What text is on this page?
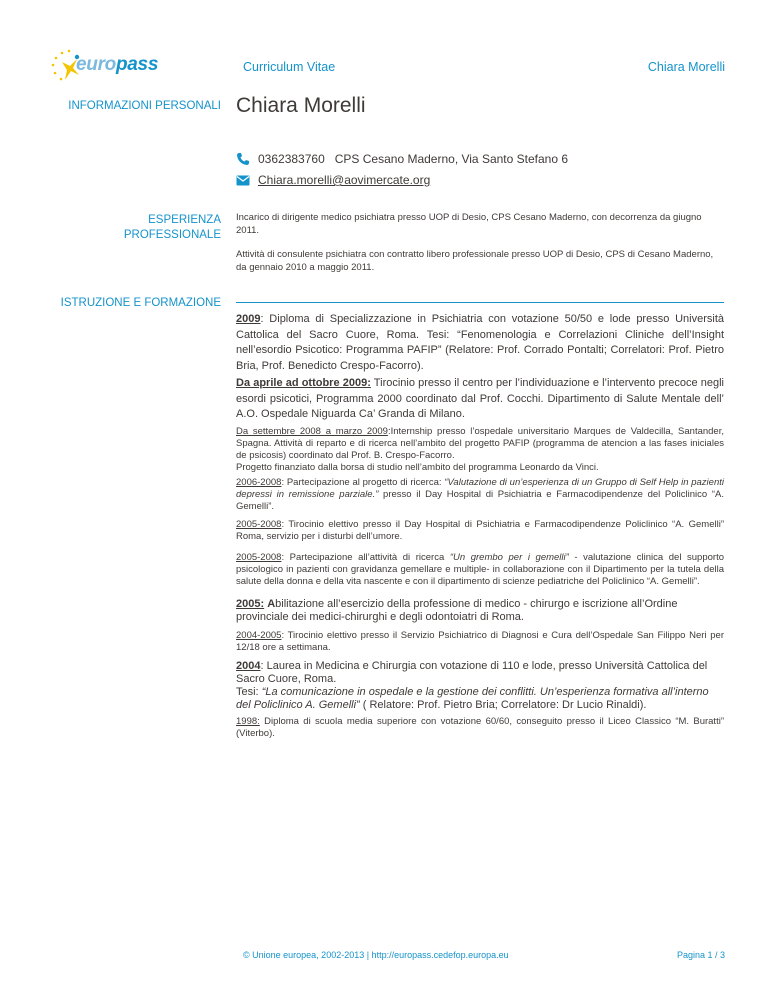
europass	Curriculum Vitae	Chiara Morelli
INFORMAZIONI PERSONALI Chiara Morelli
0362383760 CPS Cesano Maderno, Via Santo Stefano 6
Chiara.morelli@aovimercate.org
ESPERIENZA
PROFESSIONALE
Incarico di dirigente medico psichiatra presso UOP di Desio, CPS Cesano Maderno, con decorrenza da giugno 2011.
Attività di consulente psichiatra con contratto libero professionale presso UOP di Desio, CPS di Cesano Maderno, da gennaio 2010 a maggio 2011.
ISTRUZIONE E FORMAZIONE
2009: Diploma di Specializzazione in Psichiatria con votazione 50/50 e lode presso Università Cattolica del Sacro Cuore, Roma. Tesi: “Fenomenologia e Correlazioni Cliniche dell’Insight nell’esordio Psicotico: Programma PAFIP” (Relatore: Prof. Corrado Pontalti; Correlatori: Prof. Pietro Bria, Prof. Benedicto Crespo-Facorro).
Da aprile ad ottobre 2009: Tirocinio presso il centro per l’individuazione e l’intervento precoce negli esordi psicotici, Programma 2000 coordinato dal Prof. Cocchi. Dipartimento di Salute Mentale dell’ A.O. Ospedale Niguarda Ca’ Granda di Milano.
Da settembre 2008 a marzo 2009:Internship presso l’ospedale universitario Marques de Valdecilla, Santander, Spagna. Attività di reparto e di ricerca nell’ambito del progetto PAFIP (programma de atencion a las fases iniciales de psicosis) coordinato dal Prof. B. Crespo-Facorro.
Progetto finanziato dalla borsa di studio nell’ambito del programma Leonardo da Vinci.
2006-2008: Partecipazione al progetto di ricerca: “Valutazione di un’esperienza di un Gruppo di Self Help in pazienti depressi in remissione parziale.” presso il Day Hospital di Psichiatria e Farmacodipendenze del Policlinico “A. Gemelli”.
2005-2008: Tirocinio elettivo presso il Day Hospital di Psichiatria e Farmacodipendenze Policlinico “A. Gemelli” Roma, servizio per i disturbi dell’umore.
2005-2008: Partecipazione all’attività di ricerca “Un grembo per i gemelli” - valutazione clinica del supporto psicologico in pazienti con gravidanza gemellare e multiple- in collaborazione con il Dipartimento per la tutela della salute della donna e della vita nascente e con il dipartimento di scienze pediatriche del Policlinico “A. Gemelli”.
2005: Abilitazione all’esercizio della professione di medico - chirurgo e iscrizione all’Ordine provinciale dei medici-chirurghi e degli odontoiatri di Roma.
2004-2005: Tirocinio elettivo presso il Servizio Psichiatrico di Diagnosi e Cura dell’Ospedale San Filippo Neri per 12/18 ore a settimana.
2004: Laurea in Medicina e Chirurgia con votazione di 110 e lode, presso Università Cattolica del Sacro Cuore, Roma.
Tesi: “La comunicazione in ospedale e la gestione dei conflitti. Un’esperienza formativa all’interno del Policlinico A. Gemelli” ( Relatore: Prof. Pietro Bria; Correlatore: Dr Lucio Rinaldi).
1998: Diploma di scuola media superiore con votazione 60/60, conseguito presso il Liceo Classico “M. Buratti” (Viterbo).
© Unione europea, 2002-2013 | http://europass.cedefop.europa.eu	Pagina 1 / 3
